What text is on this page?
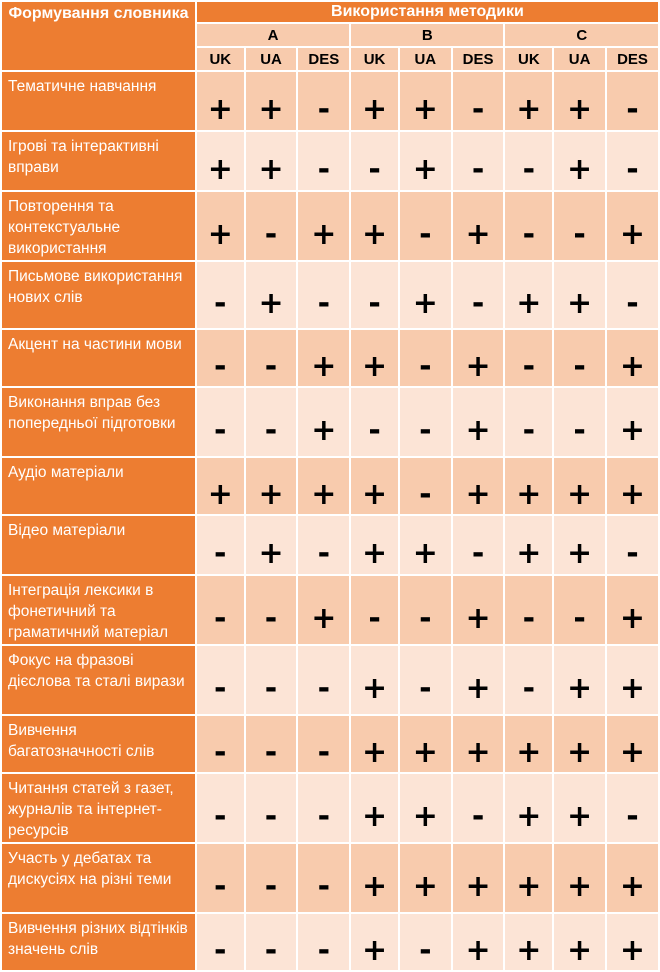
Формування словника	Використання методики								
	A			B			C		
	UK	UA	DES	UK	UA	DES	UK	UA	DES
Тематичне навчання	+	+	-	+	+	-	+	+	-
Ігрові та інтерактивні вправи	+	+	-	-	+	-	-	+	-
Повторення та контекстуальне використання	+	-	+	+	-	+	-	-	+
Письмове використання нових слів	-	+	-	-	+	-	+	+	-
Акцент на частини мови	-	-	+	+	-	+	-	-	+
Виконання вправ без попередньої підготовки	-	-	+	-	-	+	-	-	+
Аудіо матеріали	+	+	+	+	-	+	+	+	+
Відео матеріали	-	+	-	+	+	-	+	+	-
Інтеграція лексики в фонетичний та граматичний матеріал	-	-	+	-	-	+	-	-	+
Фокус на фразові дієслова та сталі вирази	-	-	-	+	-	+	-	+	+
Вивчення багатозначності слів	-	-	-	+	+	+	+	+	+
Читання статей з газет, журналів та інтернет-ресурсів	-	-	-	+	+	-	+	+	-
Участь у дебатах та дискусіях на різні теми	-	-	-	+	+	+	+	+	+
Вивчення різних відтінків значень слів	-	-	-	+	-	+	+	+	+
